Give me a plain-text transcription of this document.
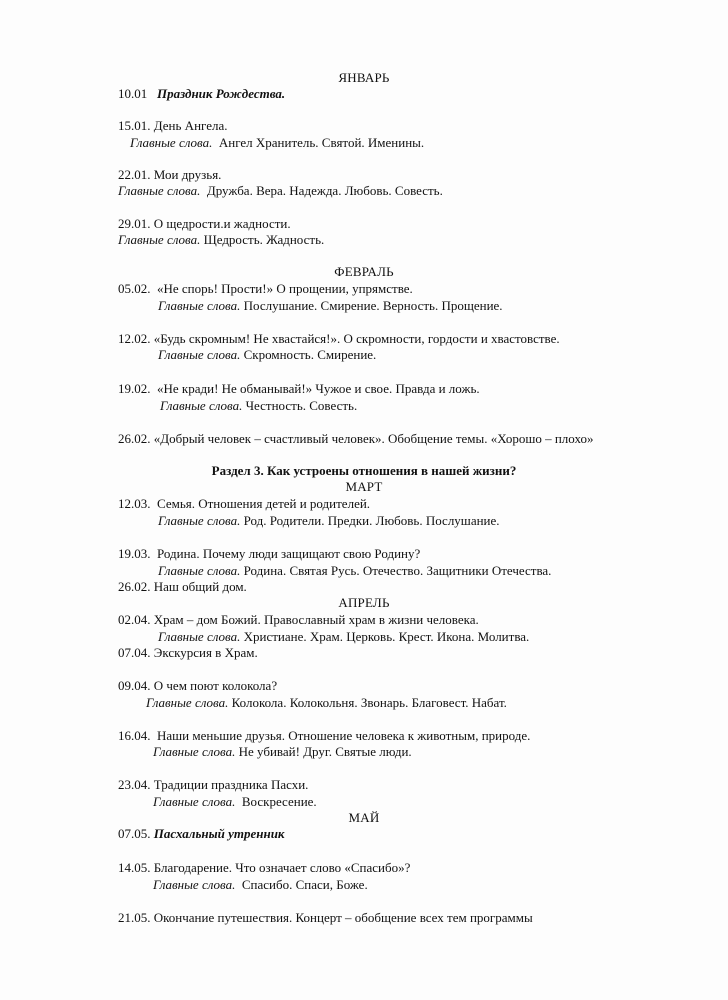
ЯНВАРЬ
10.01 Праздник Рождества.
15.01. День Ангела.
Главные слова. Ангел Хранитель. Святой. Именины.
22.01. Мои друзья.
Главные слова. Дружба. Вера. Надежда. Любовь. Совесть.
29.01. О щедрости.и жадности.
Главные слова. Щедрость. Жадность.
ФЕВРАЛЬ
05.02. «Не спорь! Прости!» О прощении, упрямстве.
Главные слова. Послушание. Смирение. Верность. Прощение.
12.02. «Будь скромным! Не хвастайся!». О скромности, гордости и хвастовстве.
Главные слова. Скромность. Смирение.
19.02. «Не кради! Не обманывай!» Чужое и свое. Правда и ложь.
Главные слова. Честность. Совесть.
26.02. «Добрый человек – счастливый человек». Обобщение темы. «Хорошо – плохо»
Раздел 3. Как устроены отношения в нашей жизни?
МАРТ
12.03. Семья. Отношения детей и родителей.
Главные слова. Род. Родители. Предки. Любовь. Послушание.
19.03. Родина. Почему люди защищают свою Родину?
Главные слова. Родина. Святая Русь. Отечество. Защитники Отечества.
26.02. Наш общий дом.
АПРЕЛЬ
02.04. Храм – дом Божий. Православный храм в жизни человека.
Главные слова. Христиане. Храм. Церковь. Крест. Икона. Молитва.
07.04. Экскурсия в Храм.
09.04. О чем поют колокола?
Главные слова. Колокола. Колокольня. Звонарь. Благовест. Набат.
16.04. Наши меньшие друзья. Отношение человека к животным, природе.
Главные слова. Не убивай! Друг. Святые люди.
23.04. Традиции праздника Пасхи.
Главные слова. Воскресение.
МАЙ
07.05. Пасхальный утренник
14.05. Благодарение. Что означает слово «Спасибо»?
Главные слова. Спасибо. Спаси, Боже.
21.05. Окончание путешествия. Концерт – обобщение всех тем программы
